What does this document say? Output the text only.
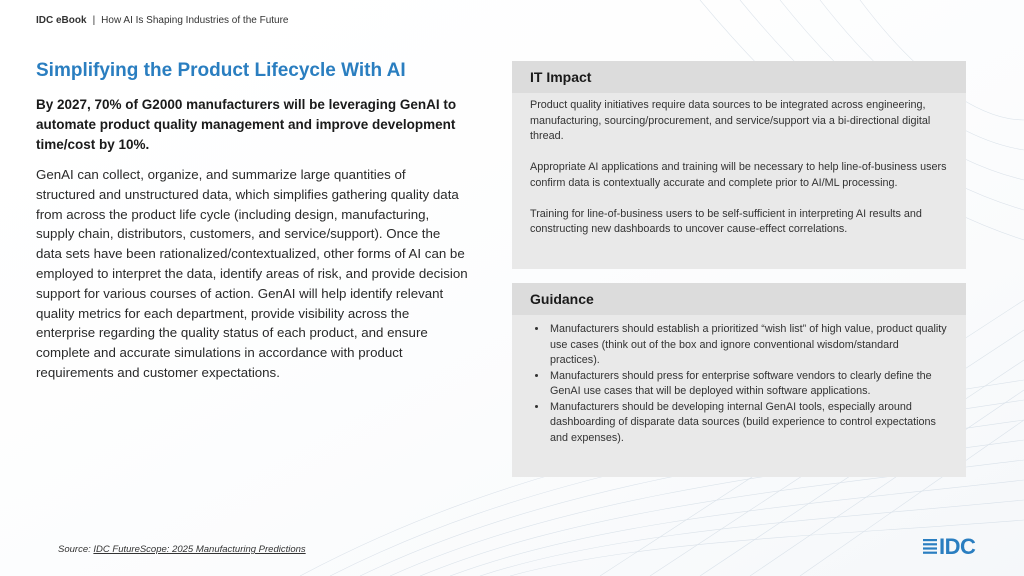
IDC eBook | How AI Is Shaping Industries of the Future
Simplifying the Product Lifecycle With AI
By 2027, 70% of G2000 manufacturers will be leveraging GenAI to automate product quality management and improve development time/cost by 10%.
GenAI can collect, organize, and summarize large quantities of structured and unstructured data, which simplifies gathering quality data from across the product life cycle (including design, manufacturing, supply chain, distributors, customers, and service/support). Once the data sets have been rationalized/contextualized, other forms of AI can be employed to interpret the data, identify areas of risk, and provide decision support for various courses of action. GenAI will help identify relevant quality metrics for each department, provide visibility across the enterprise regarding the quality status of each product, and ensure complete and accurate simulations in accordance with product requirements and customer expectations.
IT Impact

Product quality initiatives require data sources to be integrated across engineering, manufacturing, sourcing/procurement, and service/support via a bi-directional digital thread.

Appropriate AI applications and training will be necessary to help line-of-business users confirm data is contextually accurate and complete prior to AI/ML processing.

Training for line-of-business users to be self-sufficient in interpreting AI results and constructing new dashboards to uncover cause-effect correlations.

Guidance
• Manufacturers should establish a prioritized “wish list” of high value, product quality use cases (think out of the box and ignore conventional wisdom/standard practices).
• Manufacturers should press for enterprise software vendors to clearly define the GenAI use cases that will be deployed within software applications.
• Manufacturers should be developing internal GenAI tools, especially around dashboarding of disparate data sources (build experience to control expectations and expenses).
Source: IDC FutureScope: 2025 Manufacturing Predictions	IDC
